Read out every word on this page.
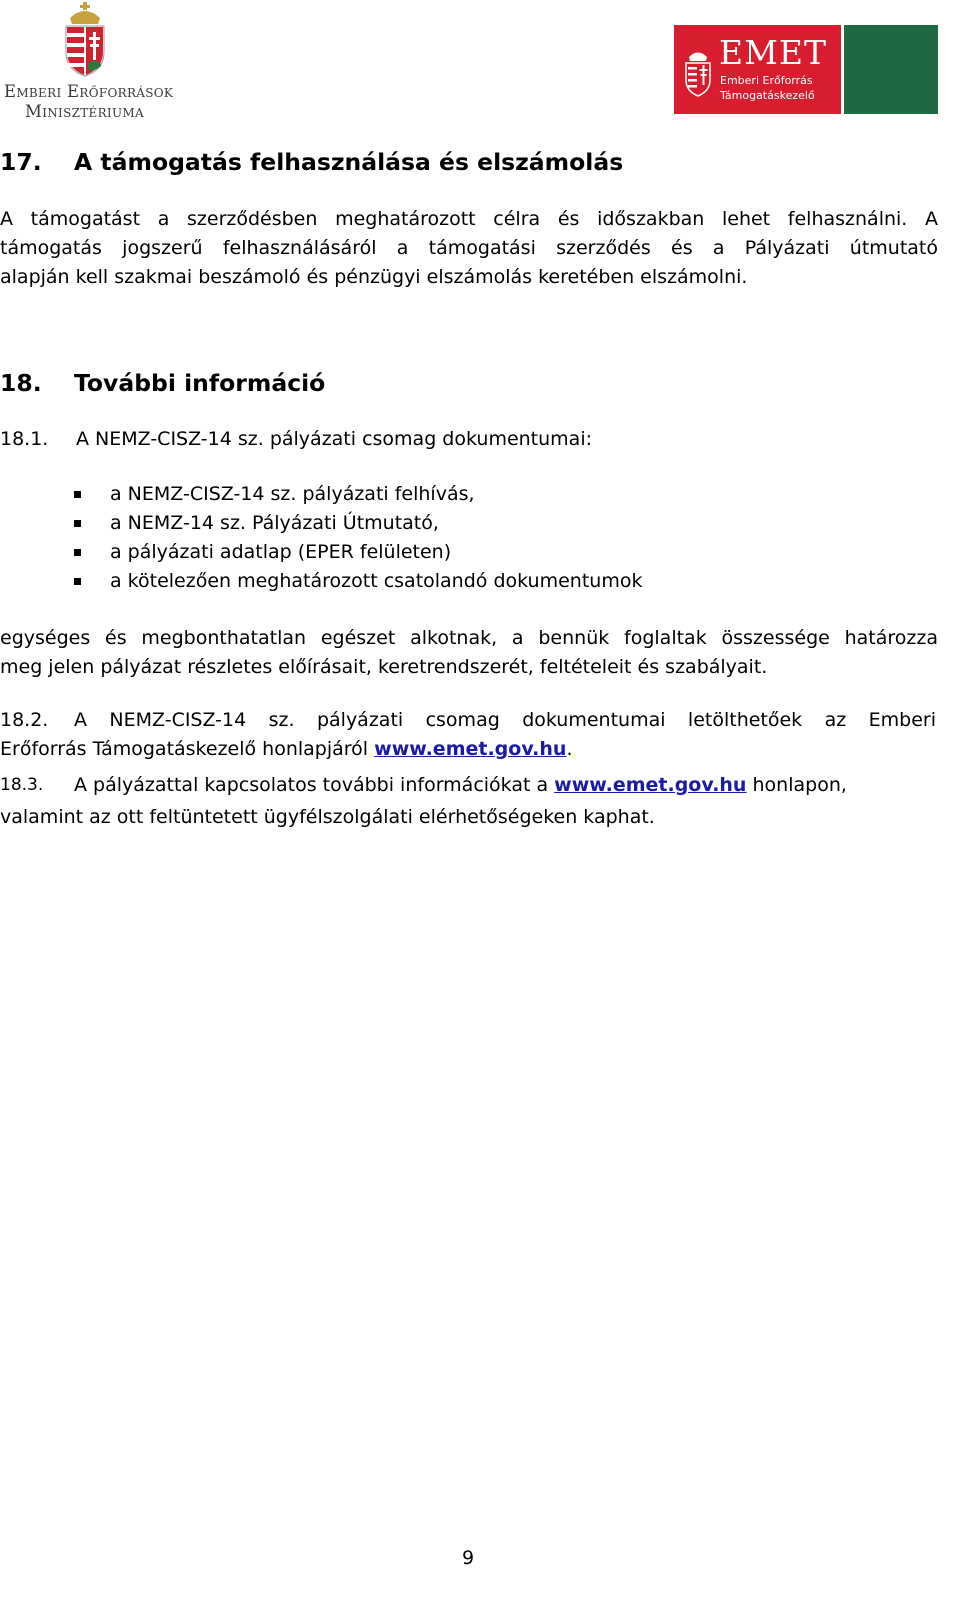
Emberi Erőforrások
Minisztériuma
EMET
Emberi Erőforrás
Támogatáskezelő
17. A támogatás felhasználása és elszámolás
A támogatást a szerződésben meghatározott célra és időszakban lehet felhasználni. A
támogatás jogszerű felhasználásáról a támogatási szerződés és a Pályázati útmutató
alapján kell szakmai beszámoló és pénzügyi elszámolás keretében elszámolni.
18. További információ
18.1. A NEMZ-CISZ-14 sz. pályázati csomag dokumentumai:
a NEMZ-CISZ-14 sz. pályázati felhívás,
a NEMZ-14 sz. Pályázati Útmutató,
a pályázati adatlap (EPER felületen)
a kötelezően meghatározott csatolandó dokumentumok
egységes és megbonthatatlan egészet alkotnak, a bennük foglaltak összessége határozza
meg jelen pályázat részletes előírásait, keretrendszerét, feltételeit és szabályait.
18.2. A NEMZ-CISZ-14 sz. pályázati csomag dokumentumai letölthetőek az Emberi
Erőforrás Támogatáskezelő honlapjáról www.emet.gov.hu.
18.3. A pályázattal kapcsolatos további információkat a www.emet.gov.hu honlapon,
valamint az ott feltüntetett ügyfélszolgálati elérhetőségeken kaphat.
9
